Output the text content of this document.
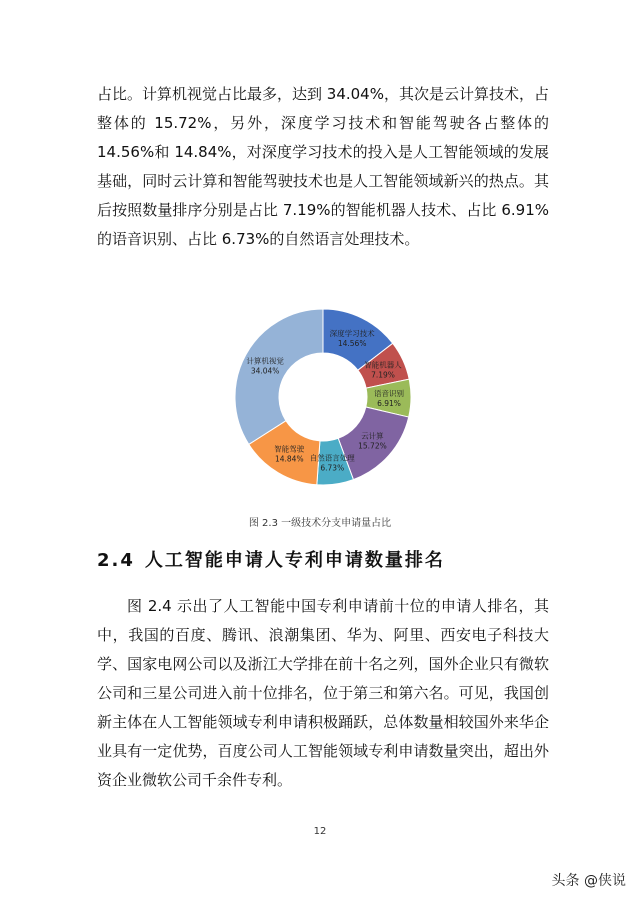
占比。计算机视觉占比最多，达到 34.04%，其次是云计算技术，占整体的 15.72%，另外，深度学习技术和智能驾驶各占整体的 14.56%和 14.84%，对深度学习技术的投入是人工智能领域的发展基础，同时云计算和智能驾驶技术也是人工智能领域新兴的热点。其后按照数量排序分别是占比 7.19%的智能机器人技术、占比 6.91%的语音识别、占比 6.73%的自然语言处理技术。

深度学习技术
14.56%
智能机器人
7.19%
语音识别
6.91%
云计算
15.72%
自然语言处理
6.73%
智能驾驶
14.84%
计算机视觉
34.04%
图 2.3 一级技术分支申请量占比
2.4 人工智能申请人专利申请数量排名

图 2.4 示出了人工智能中国专利申请前十位的申请人排名，其中，我国的百度、腾讯、浪潮集团、华为、阿里、西安电子科技大学、国家电网公司以及浙江大学排在前十名之列，国外企业只有微软公司和三星公司进入前十位排名，位于第三和第六名。可见，我国创新主体在人工智能领域专利申请积极踊跃，总体数量相较国外来华企业具有一定优势，百度公司人工智能领域专利申请数量突出，超出外资企业微软公司千余件专利。

12
头条 @侠说
